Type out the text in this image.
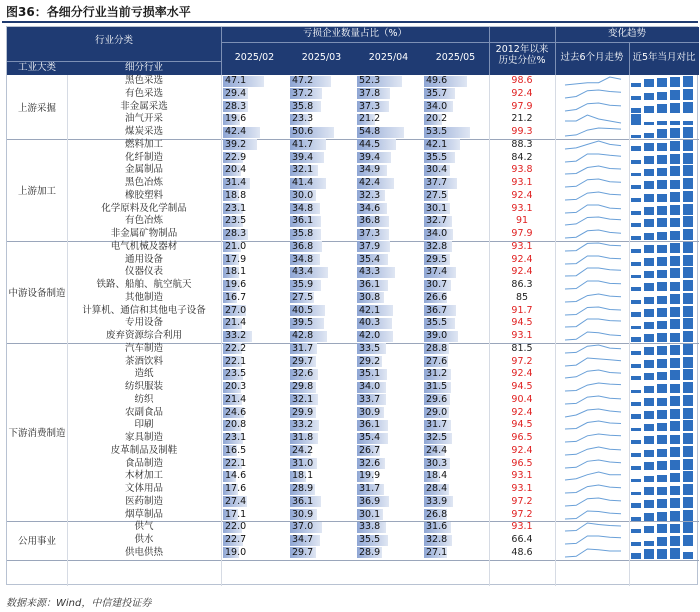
图36：各细分行业当前亏损率水平
行业分类
工业大类	细分行业
亏损企业数量占比（%）
2025/02	2025/03	2025/04	2025/05
2012年以来历史分位%
变化趋势
过去6个月走势 近5年当月对比
上游采掘
黑色采选	47.1	47.2	52.3	49.6	98.6
有色采选	29.4	37.2	37.8	35.7	92.4
非金属采选	28.3	35.8	37.3	34.0	97.9
油气开采	19.6	23.3	21.2	20.2	21.2
煤炭采选	42.4	50.6	54.8	53.5	99.3
上游加工
燃料加工	39.2	41.7	44.5	42.1	88.3
化纤制造	22.9	39.4	39.4	35.5	84.2
金属制品	20.4	32.1	34.9	30.4	93.8
黑色冶炼	31.4	41.4	42.4	37.7	93.1
橡胶塑料	18.8	30.0	32.3	27.5	92.4
化学原料及化学制品	23.1	34.8	34.6	30.1	93.1
有色冶炼	23.5	36.1	36.8	32.7	91
非金属矿物制品	28.3	35.8	37.3	34.0	97.9
中游设备制造
电气机械及器材	21.0	36.8	37.9	32.8	93.1
通用设备	17.9	34.8	35.4	29.5	92.4
仪器仪表	18.1	43.4	43.3	37.4	92.4
铁路、船舶、航空航天	19.6	35.9	36.1	30.7	86.3
其他制造	16.7	27.5	30.8	26.6	85
计算机、通信和其他电子设备	27.0	40.5	42.1	36.7	91.7
专用设备	21.4	39.5	40.3	35.5	94.5
废弃资源综合利用	33.2	42.8	42.0	39.0	93.1
下游消费制造
汽车制造	22.2	31.7	33.5	28.8	81.5
茶酒饮料	22.1	29.7	29.2	27.6	97.2
造纸	23.5	32.6	35.1	31.2	92.4
纺织服装	20.3	29.8	34.0	31.5	94.5
纺织	21.4	32.1	33.7	29.6	90.4
农副食品	24.6	29.9	30.9	29.0	92.4
印刷	20.8	33.2	36.1	31.7	94.5
家具制造	23.1	31.8	35.4	32.5	96.5
皮革制品及制鞋	16.5	24.2	26.7	24.4	92.4
食品制造	22.1	31.0	32.6	30.3	96.5
木材加工	14.6	18.1	19.9	18.4	93.1
文体用品	17.6	28.9	31.7	28.4	93.1
医药制造	27.4	36.1	36.9	33.9	97.2
烟草制品	17.1	30.9	30.1	26.8	97.2
公用事业
供气	22.0	37.0	33.8	31.6	93.1
供水	22.7	34.7	35.5	32.8	66.4
供电供热	19.0	29.7	28.9	27.1	48.6
数据来源：Wind，中信建投证券
